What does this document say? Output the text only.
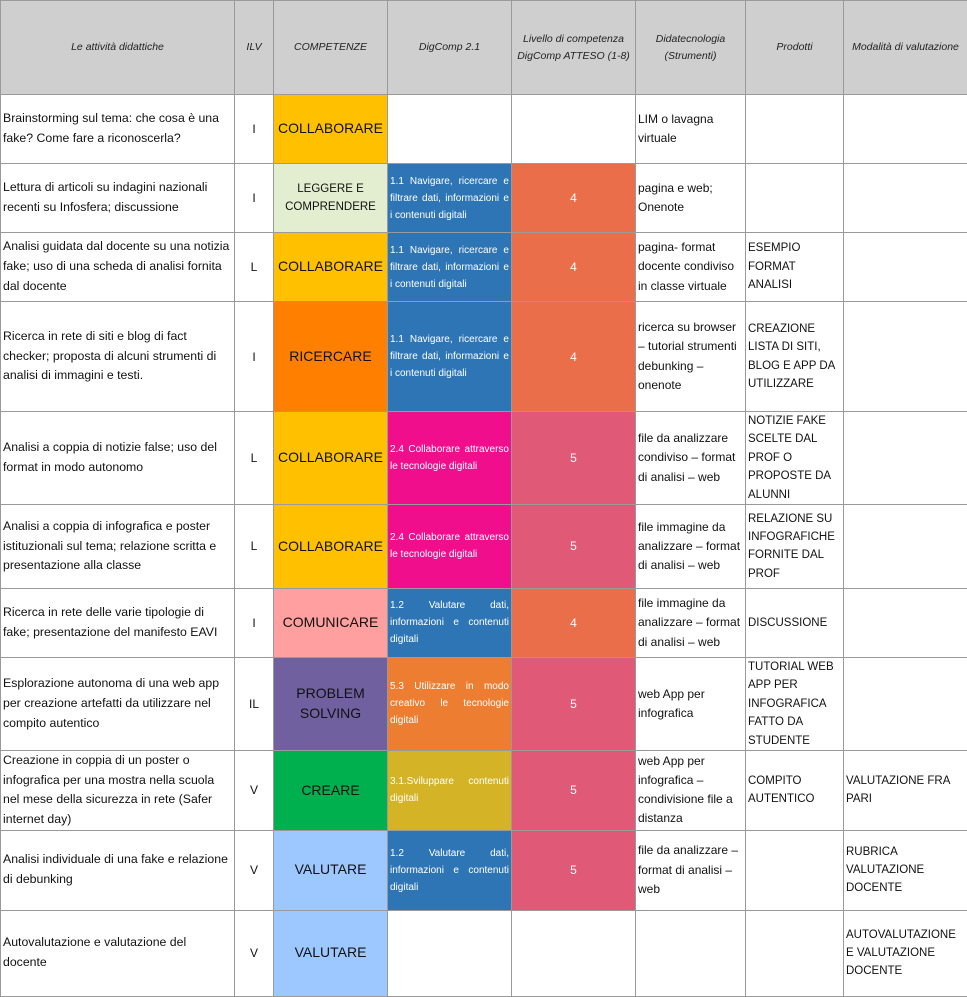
Le attività didattiche	ILV	COMPETENZE	DigComp 2.1	Livello di competenza DigComp ATTESO (1-8)	Didatecnologia (Strumenti)	Prodotti	Modalità di valutazione
Brainstorming sul tema: che cosa è una fake? Come fare a riconoscerla?	I	COLLABORARE			LIM o lavagna virtuale		
Lettura di articoli su indagini nazionali recenti su Infosfera; discussione	I	LEGGERE E COMPRENDERE	1.1 Navigare, ricercare e filtrare dati, informazioni e i contenuti digitali	4	pagina e web; Onenote		
Analisi guidata dal docente su una notizia fake; uso di una scheda di analisi fornita dal docente	L	COLLABORARE	1.1 Navigare, ricercare e filtrare dati, informazioni e i contenuti digitali	4	pagina- format docente condiviso in classe virtuale	ESEMPIO FORMAT ANALISI	
Ricerca in rete di siti e blog di fact checker; proposta di alcuni strumenti di analisi di immagini e testi.	I	RICERCARE	1.1 Navigare, ricercare e filtrare dati, informazioni e i contenuti digitali	4	ricerca su browser – tutorial strumenti debunking – onenote	CREAZIONE LISTA DI SITI, BLOG E APP DA UTILIZZARE	
Analisi a coppia di notizie false; uso del format in modo autonomo	L	COLLABORARE	2.4 Collaborare attraverso le tecnologie digitali	5	file da analizzare condiviso – format di analisi – web	NOTIZIE FAKE SCELTE DAL PROF O PROPOSTE DA ALUNNI	
Analisi a coppia di infografica e poster istituzionali sul tema; relazione scritta e presentazione alla classe	L	COLLABORARE	2.4 Collaborare attraverso le tecnologie digitali	5	file immagine da analizzare – format di analisi – web	RELAZIONE SU INFOGRAFICHE FORNITE DAL PROF	
Ricerca in rete delle varie tipologie di fake; presentazione del manifesto EAVI	I	COMUNICARE	1.2 Valutare dati, informazioni e contenuti digitali	4	file immagine da analizzare – format di analisi – web	DISCUSSIONE	
Esplorazione autonoma di una web app per creazione artefatti da utilizzare nel compito autentico	IL	PROBLEM SOLVING	5.3 Utilizzare in modo creativo le tecnologie digitali	5	web App per infografica	TUTORIAL WEB APP PER INFOGRAFICA FATTO DA STUDENTE	
Creazione in coppia di un poster o infografica per una mostra nella scuola nel mese della sicurezza in rete (Safer internet day)	V	CREARE	3.1.Sviluppare contenuti digitali	5	web App per infografica – condivisione file a distanza	COMPITO AUTENTICO	VALUTAZIONE FRA PARI
Analisi individuale di una fake e relazione di debunking	V	VALUTARE	1.2 Valutare dati, informazioni e contenuti digitali	5	file da analizzare – format di analisi – web		RUBRICA VALUTAZIONE DOCENTE
Autovalutazione e valutazione del docente	V	VALUTARE					AUTOVALUTAZIONE E VALUTAZIONE DOCENTE
